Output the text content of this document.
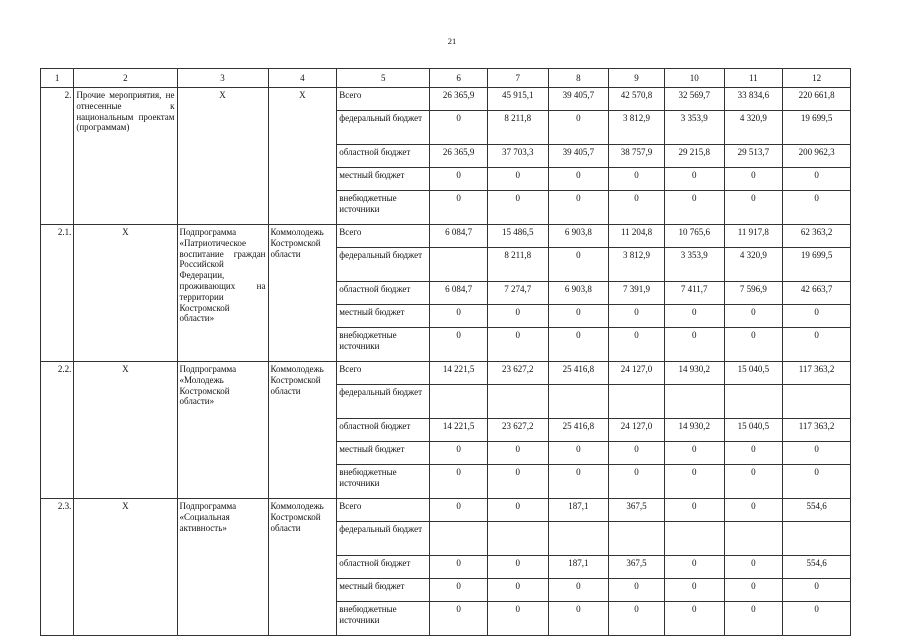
21
1	2	3	4	5	6	7	8	9	10	11	12
2.	Прочие мероприятия, не отнесенные к национальным проектам (программам)	Х	Х	Всего	26 365,9	45 915,1	39 405,7	42 570,8	32 569,7	33 834,6	220 661,8
				федеральный бюджет	0	8 211,8	0	3 812,9	3 353,9	4 320,9	19 699,5
				областной бюджет	26 365,9	37 703,3	39 405,7	38 757,9	29 215,8	29 513,7	200 962,3
				местный бюджет	0	0	0	0	0	0	0
				внебюджетные источники	0	0	0	0	0	0	0
2.1.	Х	Подпрограмма «Патриотическое воспитание граждан Российской Федерации, проживающих на территории Костромской области»	Коммолодежь Костромской области	Всего	6 084,7	15 486,5	6 903,8	11 204,8	10 765,6	11 917,8	62 363,2
				федеральный бюджет		8 211,8	0	3 812,9	3 353,9	4 320,9	19 699,5
				областной бюджет	6 084,7	7 274,7	6 903,8	7 391,9	7 411,7	7 596,9	42 663,7
				местный бюджет	0	0	0	0	0	0	0
				внебюджетные источники	0	0	0	0	0	0	0
2.2.	Х	Подпрограмма «Молодежь Костромской области»	Коммолодежь Костромской области	Всего	14 221,5	23 627,2	25 416,8	24 127,0	14 930,2	15 040,5	117 363,2
				федеральный бюджет							
				областной бюджет	14 221,5	23 627,2	25 416,8	24 127,0	14 930,2	15 040,5	117 363,2
				местный бюджет	0	0	0	0	0	0	0
				внебюджетные источники	0	0	0	0	0	0	0
2.3.	Х	Подпрограмма «Социальная активность»	Коммолодежь Костромской области	Всего	0	0	187,1	367,5	0	0	554,6
				федеральный бюджет							
				областной бюджет	0	0	187,1	367,5	0	0	554,6
				местный бюджет	0	0	0	0	0	0	0
				внебюджетные источники	0	0	0	0	0	0	0
